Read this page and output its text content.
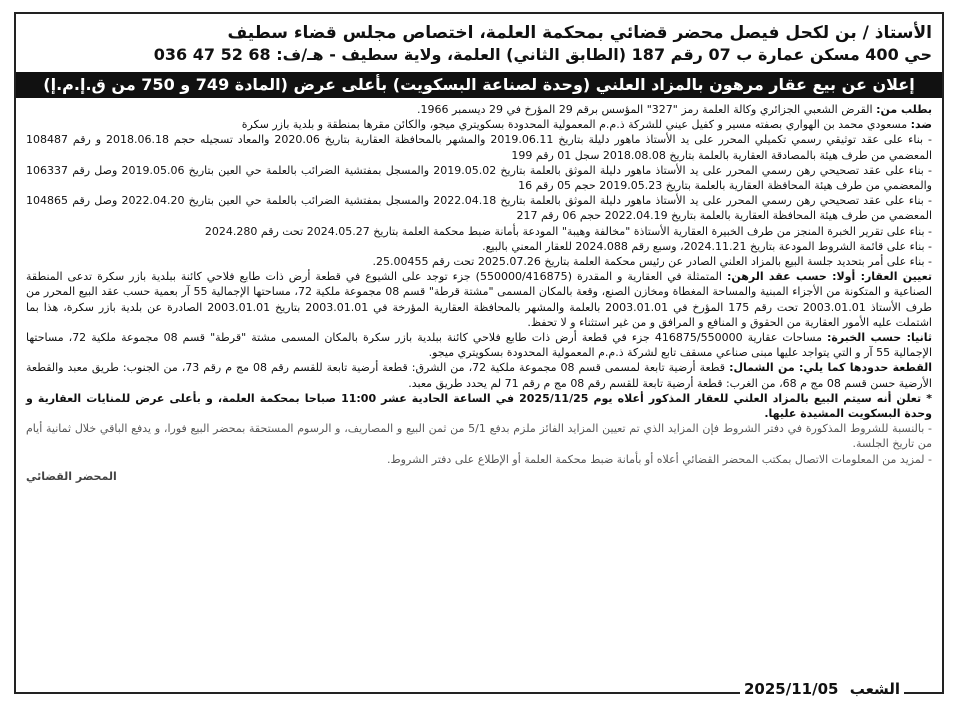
الأستاذ / بن لكحل فيصل محضر قضائي بمحكمة العلمة، اختصاص مجلس قضاء سطيف
حي 400 مسكن عمارة ب 07 رقم 187 (الطابق الثاني) العلمة، ولاية سطيف - هـ/ف: 68 52 47 036
إعلان عن بيع عقار مرهون بالمزاد العلني (وحدة لصناعة البسكويت) بأعلى عرض (المادة 749 و 750 من ق.إ.م.إ)

بطلب من: القرض الشعبي الجزائري وكالة العلمة رمز "327" المؤسس برقم 29 المؤرخ في 29 ديسمبر 1966.

ضد: مسعودي محمد بن الهواري بصفته مسير و كفيل عيني للشركة ذ.م.م المعمولية المحدودة بسكويتري ميجو، والكائن مقرها بمنطقة و بلدية بازر سكرة

- بناء على عقد توثيقي رسمي تكميلي المحرر على يد الأستاذ ماهور دليلة بتاريخ 2019.06.11 والمشهر بالمحافظة العقارية بتاريخ 2020.06 والمعاد تسجيله حجم 2018.06.18 و رقم 108487 المعضمي من طرف هيئة بالمصادقة العقارية بالعلمة بتاريخ 2018.08.08 سجل 01 رقم 199

- بناء على عقد تصحيحي رهن رسمي المحرر على يد الأستاذ ماهور دليلة الموثق بالعلمة بتاريخ 2019.05.02 والمسجل بمفتشية الضرائب بالعلمة حي العين بتاريخ 2019.05.06 وصل رقم 106337 والمعضمي من طرف هيئة المحافظة العقارية بالعلمة بتاريخ 2019.05.23 حجم 05 رقم 16

- بناء على عقد تصحيحي رهن رسمي المحرر على يد الأستاذ ماهور دليلة الموثق بالعلمة بتاريخ 2022.04.18 والمسجل بمفتشية الضرائب بالعلمة حي العين بتاريخ 2022.04.20 وصل رقم 104865 المعضمي من طرف هيئة المحافظة العقارية بالعلمة بتاريخ 2022.04.19 حجم 06 رقم 217

- بناء على تقرير الخبرة المنجز من طرف الخبيرة العقارية الأستاذة "مخالفة وهيبة" المودعة بأمانة ضبط محكمة العلمة بتاريخ 2024.05.27 تحت رقم 2024.280

- بناء على قائمة الشروط المودعة بتاريخ 2024.11.21، وسبع رقم 2024.088 للعقار المعني بالبيع.

- بناء على أمر بتحديد جلسة البيع بالمزاد العلني الصادر عن رئيس محكمة العلمة بتاريخ 2025.07.26 تحت رقم 25.00455.

تعيين العقار: أولا: حسب عقد الرهن: المتمثلة في العقارية و المقدرة (550000/416875) جزء توجد على الشيوع في قطعة أرض ذات طابع فلاحي كائنة ببلدية بازر سكرة تدعى المنطقة الصناعية و المتكونة من الأجزاء المبنية والمساحة المغطاة ومخازن الصنع، وقعة بالمكان المسمى "مشتة قرطة" قسم 08 مجموعة ملكية 72، مساحتها الإجمالية 55 آر بعمية حسب عقد البيع المحرر من طرف الأستاذ 2003.01.01 تحت رقم 175 المؤرخ في 2003.01.01 بالعلمة والمشهر بالمحافظة العقارية المؤرخة في 2003.01.01 بتاريخ 2003.01.01 الصادرة عن بلدية بازر سكرة، هذا بما اشتملت عليه الأمور العقارية من الحقوق و المنافع و المرافق و من غير استثناء و لا تحفظ.

ثانيا: حسب الخبرة: مساحات عقارية 416875/550000 جزء في قطعة أرض ذات طابع فلاحي كائنة ببلدية بازر سكرة بالمكان المسمى مشتة "قرطة" قسم 08 مجموعة ملكية 72، مساحتها الإجمالية 55 آر و التي يتواجد عليها مبنى صناعي مسقف تابع لشركة ذ.م.م المعمولية المحدودة بسكويتري ميجو.

القطعة حدودها كما يلي: من الشمال: قطعة أرضية تابعة لمسمى قسم 08 مجموعة ملكية 72، من الشرق: قطعة أرضية تابعة للقسم رقم 08 مج م رقم 73، من الجنوب: طريق معبد والقطعة الأرضية حسن قسم 08 مج م 68، من الغرب: قطعة أرضية تابعة للقسم رقم 08 مج م رقم 71 لم يحدد طريق معبد.

* تعلن أنه سيتم البيع بالمزاد العلني للعقار المذكور أعلاه يوم 2025/11/25 في الساعة الحادية عشر 11:00 صباحا بمحكمة العلمة، و بأعلى عرض للمنايات العقارية و وحدة البسكويت المشيدة عليها.

- بالنسبة للشروط المذكورة في دفتر الشروط فإن المزايد الذي تم تعيين المزايد الفائز ملزم بدفع 5/1 من ثمن البيع و المصاريف، و الرسوم المستحقة بمحضر البيع فورا، و يدفع الباقي خلال ثمانية أيام من تاريخ الجلسة.

- لمزيد من المعلومات الاتصال بمكتب المحضر القضائي أعلاه أو بأمانة ضبط محكمة العلمة أو الإطلاع على دفتر الشروط.

المحضر القضائي
الشعب 2025/11/05
